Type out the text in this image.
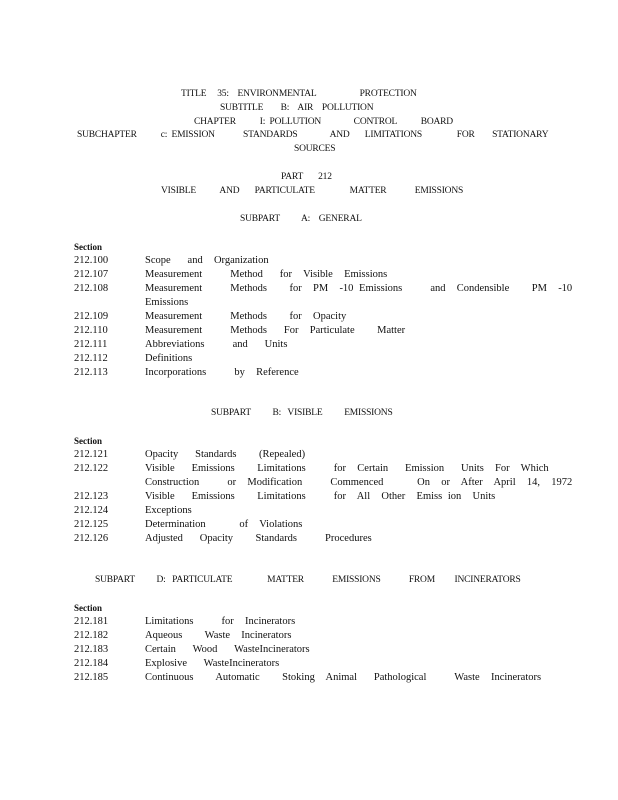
TITLE     35:    ENVIRONMENTAL                    PROTECTION
SUBTITLE        B:    AIR    POLLUTION
CHAPTER           I:  POLLUTION               CONTROL           BOARD
SUBCHAPTER           c:  EMISSION             STANDARDS               AND       LIMITATIONS                FOR        STATIONARY
SOURCES
PART       212
VISIBLE           AND       PARTICULATE                MATTER             EMISSIONS
SUBPART          A:    GENERAL
Section
212.100	Scope   and  Organization
212.107	Measurement     Method   for  Visible  Emissions
212.108	Measurement     Methods    for  PM  -10 Emissions     and  Condensible    PM  -10
Emissions
212.109	Measurement     Methods    for  Opacity
212.110	Measurement     Methods   For  Particulate    Matter
212.111	Abbreviations     and   Units
212.112	Definitions
212.113	Incorporations     by  Reference
SUBPART          B:   VISIBLE          EMISSIONS
Section
212.121	Opacity   Standards    (Repealed)
212.122	Visible   Emissions    Limitations     for  Certain   Emission   Units  For  Which
Construction     or  Modification     Commenced      On  or  After  April  14,  1972
212.123	Visible   Emissions    Limitations     for  All  Other  Emiss ion  Units
212.124	Exceptions
212.125	Determination      of  Violations
212.126	Adjusted   Opacity    Standards     Procedures
SUBPART          D:   PARTICULATE                MATTER             EMISSIONS             FROM         INCINERATORS
Section
212.181	Limitations     for  Incinerators
212.182	Aqueous    Waste  Incinerators
212.183	Certain   Wood   WasteIncinerators
212.184	Explosive   WasteIncinerators
212.185	Continuous    Automatic    Stoking  Animal   Pathological     Waste  Incinerators
